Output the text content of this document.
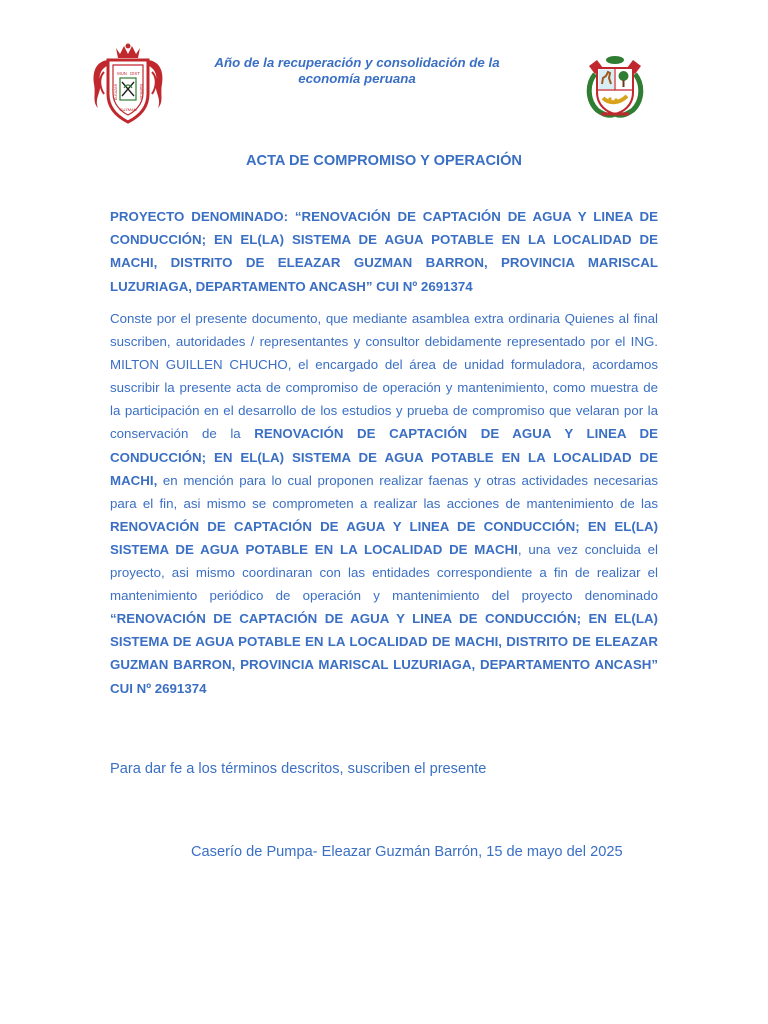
MUN DIST
ELEAZAR	BARRON
GUZMAN
Año de la recuperación y consolidación de la economía peruana
ACTA DE COMPROMISO Y OPERACIÓN

PROYECTO DENOMINADO: “RENOVACIÓN DE CAPTACIÓN DE AGUA Y LINEA DE CONDUCCIÓN; EN EL(LA) SISTEMA DE AGUA POTABLE EN LA LOCALIDAD DE MACHI, DISTRITO DE ELEAZAR GUZMAN BARRON, PROVINCIA MARISCAL LUZURIAGA, DEPARTAMENTO ANCASH” CUI Nº 2691374

Conste por el presente documento, que mediante asamblea extra ordinaria Quienes al final suscriben, autoridades / representantes y consultor debidamente representado por el ING. MILTON GUILLEN CHUCHO, el encargado del área de unidad formuladora, acordamos suscribir la presente acta de compromiso de operación y mantenimiento, como muestra de la participación en el desarrollo de los estudios y prueba de compromiso que velaran por la conservación de la RENOVACIÓN DE CAPTACIÓN DE AGUA Y LINEA DE CONDUCCIÓN; EN EL(LA) SISTEMA DE AGUA POTABLE EN LA LOCALIDAD DE MACHI, en mención para lo cual proponen realizar faenas y otras actividades necesarias para el fin, asi mismo se comprometen a realizar las acciones de mantenimiento de las RENOVACIÓN DE CAPTACIÓN DE AGUA Y LINEA DE CONDUCCIÓN; EN EL(LA) SISTEMA DE AGUA POTABLE EN LA LOCALIDAD DE MACHI, una vez concluida el proyecto, asi mismo coordinaran con las entidades correspondiente a fin de realizar el mantenimiento periódico de operación y mantenimiento del proyecto denominado “RENOVACIÓN DE CAPTACIÓN DE AGUA Y LINEA DE CONDUCCIÓN; EN EL(LA) SISTEMA DE AGUA POTABLE EN LA LOCALIDAD DE MACHI, DISTRITO DE ELEAZAR GUZMAN BARRON, PROVINCIA MARISCAL LUZURIAGA, DEPARTAMENTO ANCASH” CUI Nº 2691374

Para dar fe a los términos descritos, suscriben el presente

Caserío de Pumpa- Eleazar Guzmán Barrón, 15 de mayo del 2025
